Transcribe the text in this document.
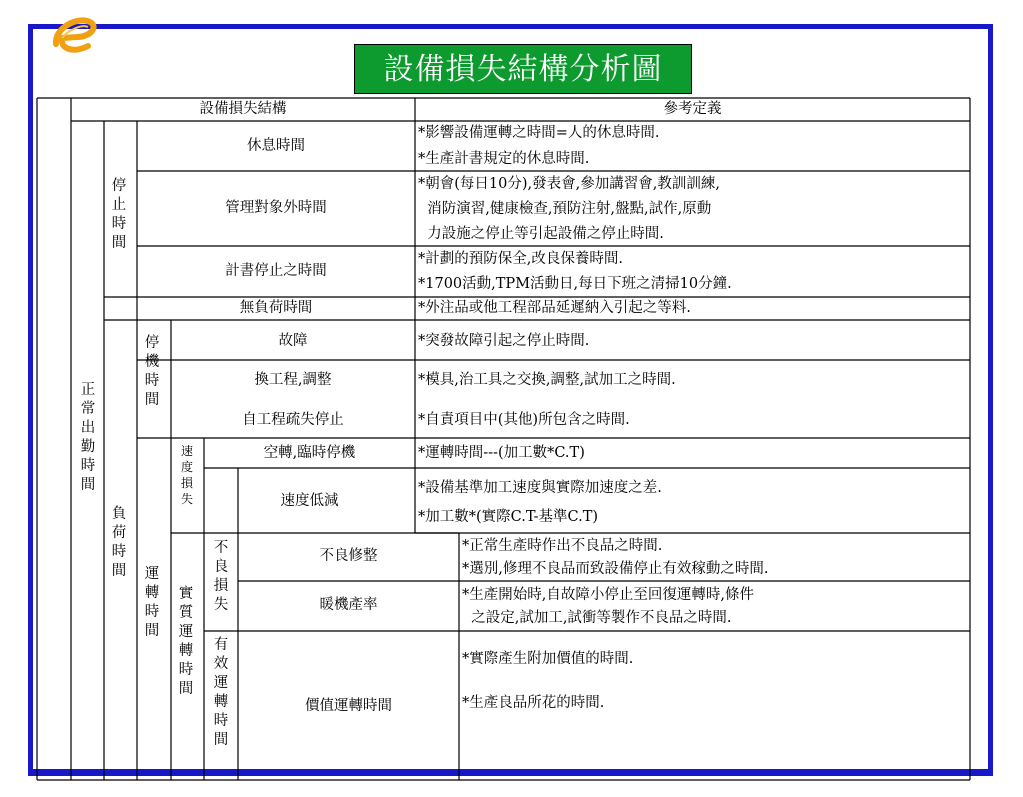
設備損失結構分析圖
設備損失結構	參考定義
正常出勤時間
停止時間
負荷時間
停機時間
運轉時間
速度損失
實質運轉時間
不良損失
有效運轉時間
休息時間
管理對象外時間
計書停止之時間
無負荷時間
故障
換工程,調整
自工程疏失停止
空轉,臨時停機
速度低減
不良修整
暖機產率
價值運轉時間
*影響設備運轉之時間=人的休息時間.
*生產計書規定的休息時間.
*朝會(每日10分),發表會,參加講習會,教訓訓練,
消防演習,健康檢查,預防注射,盤點,試作,原動
力設施之停止等引起設備之停止時間.
*計劃的預防保全,改良保養時間.
*1700活動,TPM活動日,每日下班之清掃10分鐘.
*外注品或他工程部品延遲納入引起之等料.
*突發故障引起之停止時間.
*模具,治工具之交換,調整,試加工之時間.
*自責項目中(其他)所包含之時間.
*運轉時間---(加工數*C.T)
*設備基準加工速度與實際加速度之差.
*加工數*(實際C.T-基準C.T)
*正常生產時作出不良品之時間.
*選別,修理不良品而致設備停止有效稼動之時間.
*生產開始時,自故障小停止至回復運轉時,條件
之設定,試加工,試衝等製作不良品之時間.
*實際產生附加價值的時間.
*生產良品所花的時間.
